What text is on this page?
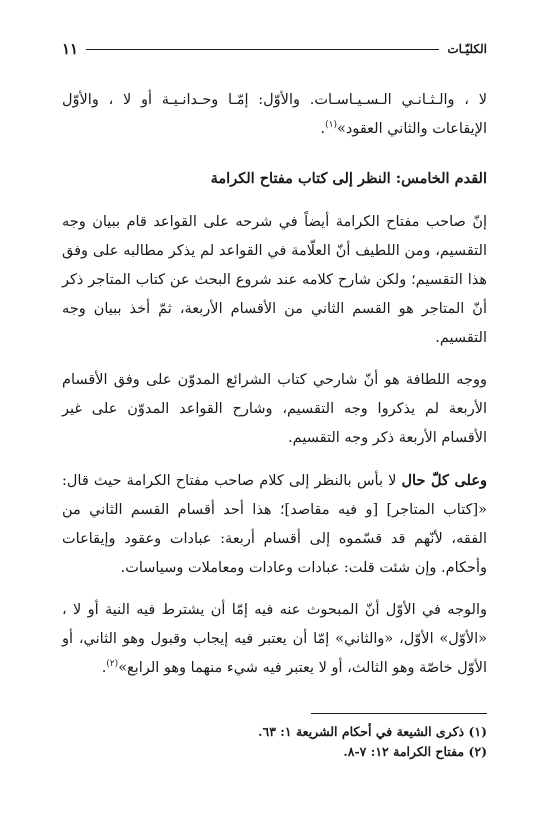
الكليّـات
١١

لا ، والـثـانـي الـسـيـاسـات. والأوّل: إمّـا وحـدانـيـة أو لا ، والأوّل الإيقاعات والثاني العقود»$^{(١)}$.

القدم الخامس: النظر إلى كتاب مفتاح الكرامة

إنّ صاحب مفتاح الكرامة أيضاً في شرحه على القواعد قام ببيان وجه التقسيم، ومن اللطيف أنّ العلّامة في القواعد لم يذكر مطالبه على وفق هذا التقسيم؛ ولكن شارح كلامه عند شروع البحث عن كتاب المتاجر ذكر أنّ المتاجر هو القسم الثاني من الأقسام الأربعة، ثمّ أخذ ببيان وجه التقسيم.

ووجه اللطافة هو أنّ شارحي كتاب الشرائع المدوّن على وفق الأقسام الأربعة لم يذكروا وجه التقسيم، وشارح القواعد المدوّن على غير الأقسام الأربعة ذكر وجه التقسيم.

وعلى كلّ حال لا بأس بالنظر إلى كلام صاحب مفتاح الكرامة حيث قال: «[كتاب المتاجر] [و فيه مقاصد]؛ هذا أحد أقسام القسم الثاني من الفقه، لأنّهم قد قسّموه إلى أقسام أربعة: عبادات وعقود وإيقاعات وأحكام. وإن شئت قلت: عبادات وعادات ومعاملات وسياسات.

والوجه في الأوّل أنّ المبحوث عنه فيه إمّا أن يشترط فيه النية أو لا ، «الأوّل» الأوّل، «والثاني» إمّا أن يعتبر فيه إيجاب وقبول وهو الثاني، أو الأوّل خاصّة وهو الثالث، أو لا يعتبر فيه شيء منهما وهو الرابع»$^{(٢)}$.

(١) ذكرى الشيعة في أحكام الشريعة ١: ٦٣.

(٢) مفتاح الكرامة ١٢: ٧-٨.
